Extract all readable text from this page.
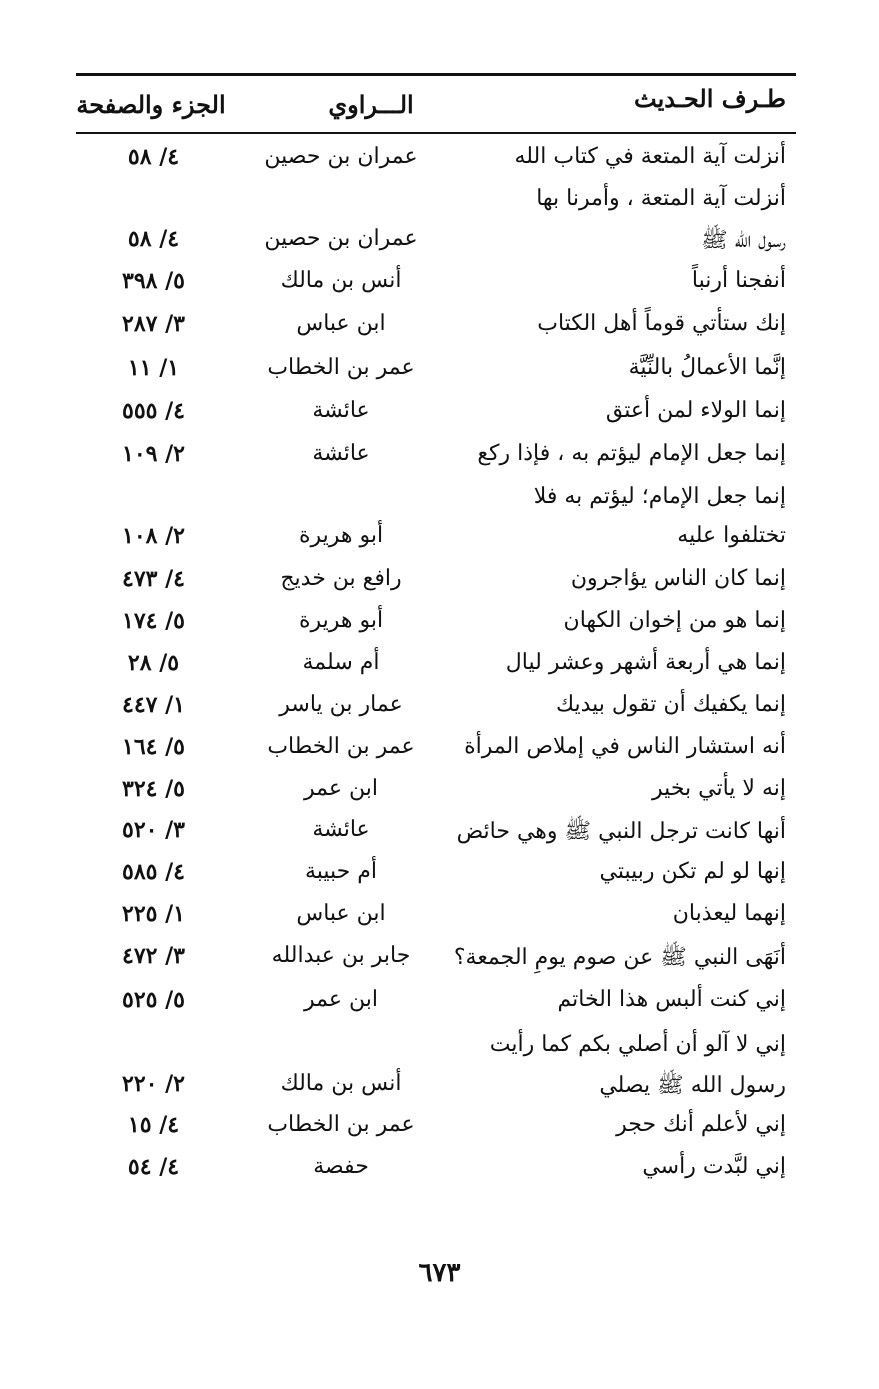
طـرف الحـديث
الـــراوي
الجزء والصفحة
أنزلت آية المتعة في كتاب الله
عمران بن حصين
٤/ ٥٨
أنزلت آية المتعة ، وأمرنا بها
رسول الله ﷺ
عمران بن حصين
٤/ ٥٨
أنفجنا أرنباً
أنس بن مالك
٥/ ٣٩٨
إنك ستأتي قوماً أهل الكتاب
ابن عباس
٣/ ٢٨٧
إنَّما الأعمالُ بالنِّيَّة
عمر بن الخطاب
١/ ١١
إنما الولاء لمن أعتق
عائشة
٤/ ٥٥٥
إنما جعل الإمام ليؤتم به ، فإذا ركع
عائشة
٢/ ١٠٩
إنما جعل الإمام؛ ليؤتم به فلا
تختلفوا عليه
أبو هريرة
٢/ ١٠٨
إنما كان الناس يؤاجرون
رافع بن خديج
٤/ ٤٧٣
إنما هو من إخوان الكهان
أبو هريرة
٥/ ١٧٤
إنما هي أربعة أشهر وعشر ليال
أم سلمة
٥/ ٢٨
إنما يكفيك أن تقول بيديك
عمار بن ياسر
١/ ٤٤٧
أنه استشار الناس في إملاص المرأة
عمر بن الخطاب
٥/ ١٦٤
إنه لا يأتي بخير
ابن عمر
٥/ ٣٢٤
أنها كانت ترجل النبي ﷺ وهي حائض
عائشة
٣/ ٥٢٠
إنها لو لم تكن ربيبتي
أم حبيبة
٤/ ٥٨٥
إنهما ليعذبان
ابن عباس
١/ ٢٢٥
أنَهَى النبي ﷺ عن صوم يومِ الجمعة؟
جابر بن عبدالله
٣/ ٤٧٢
إني كنت ألبس هذا الخاتم
ابن عمر
٥/ ٥٢٥
إني لا آلو أن أصلي بكم كما رأيت
رسول الله ﷺ يصلي
أنس بن مالك
٢/ ٢٢٠
إني لأعلم أنك حجر
عمر بن الخطاب
٤/ ١٥
إني لبَّدت رأسي
حفصة
٤/ ٥٤
٦٧٣
